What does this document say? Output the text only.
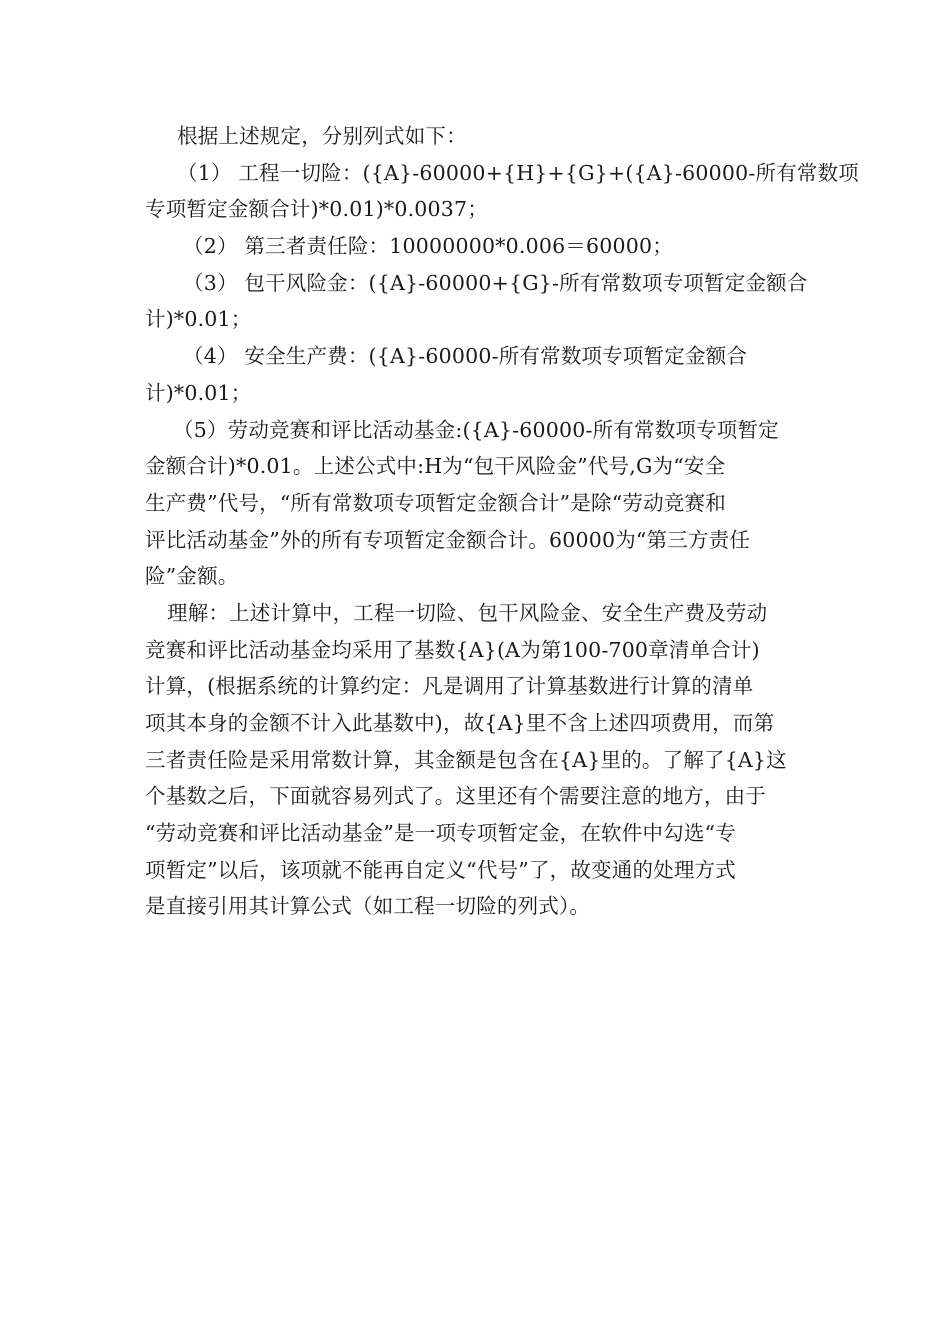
根据上述规定，分别列式如下：
（1） 工程一切险：({A}-60000+{H}+{G}+({A}-60000-所有常数项
专项暂定金额合计)*0.01)*0.0037；
（2） 第三者责任险：10000000*0.006＝60000；
（3） 包干风险金：({A}-60000+{G}-所有常数项专项暂定金额合
计)*0.01；
（4） 安全生产费：({A}-60000-所有常数项专项暂定金额合
计)*0.01；
（5）劳动竞赛和评比活动基金:({A}-60000-所有常数项专项暂定
金额合计)*0.01。上述公式中:H为“包干风险金”代号,G为“安全
生产费”代号，“所有常数项专项暂定金额合计”是除“劳动竞赛和
评比活动基金”外的所有专项暂定金额合计。60000为“第三方责任
险”金额。
理解：上述计算中，工程一切险、包干风险金、安全生产费及劳动
竞赛和评比活动基金均采用了基数{A}(A为第100-700章清单合计)
计算，(根据系统的计算约定：凡是调用了计算基数进行计算的清单
项其本身的金额不计入此基数中)，故{A}里不含上述四项费用，而第
三者责任险是采用常数计算，其金额是包含在{A}里的。了解了{A}这
个基数之后，下面就容易列式了。这里还有个需要注意的地方，由于
“劳动竞赛和评比活动基金”是一项专项暂定金，在软件中勾选“专
项暂定”以后，该项就不能再自定义“代号”了，故变通的处理方式
是直接引用其计算公式（如工程一切险的列式）。
